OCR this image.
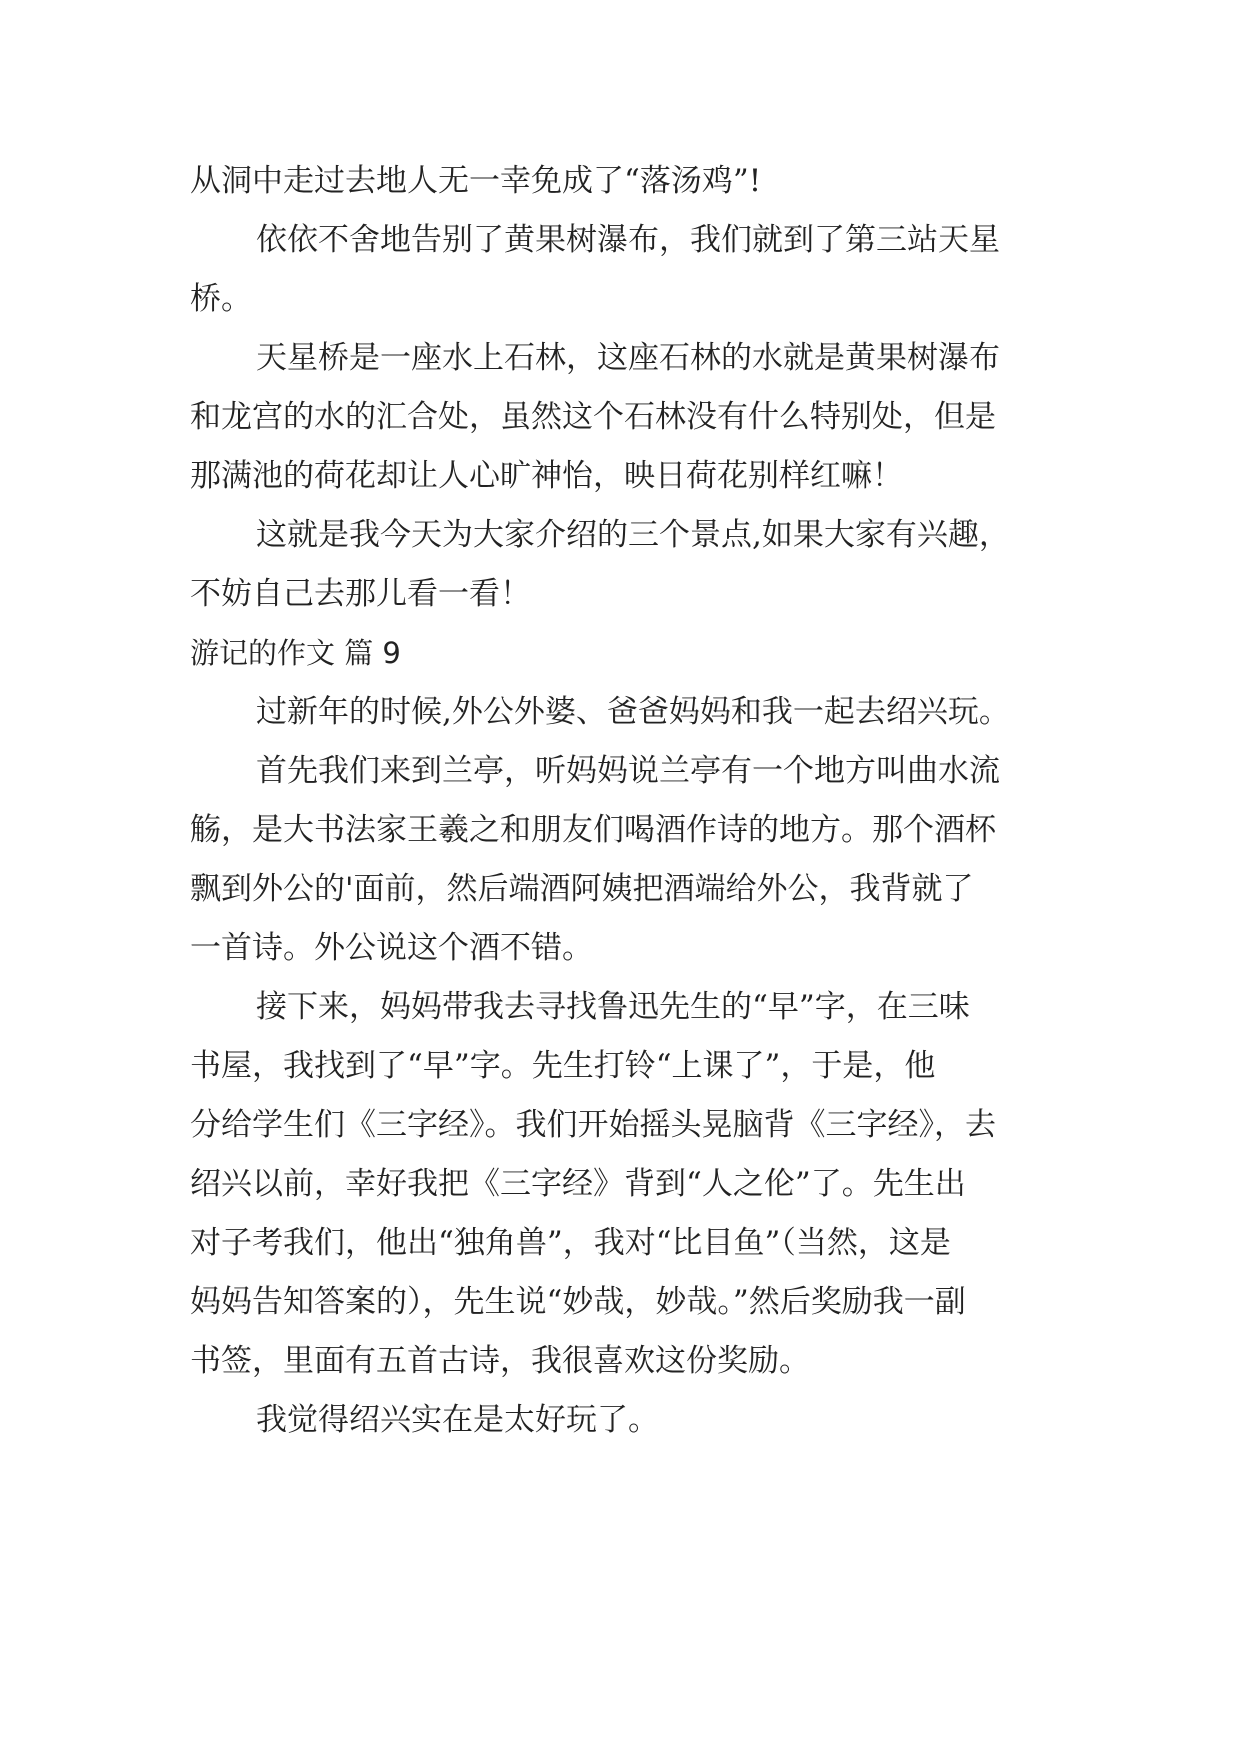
从洞中走过去地人无一幸免成了“落汤鸡”!
依依不舍地告别了黄果树瀑布，我们就到了第三站天星
桥。
天星桥是一座水上石林，这座石林的水就是黄果树瀑布
和龙宫的水的汇合处，虽然这个石林没有什么特别处，但是
那满池的荷花却让人心旷神怡，映日荷花别样红嘛！
这就是我今天为大家介绍的三个景点,如果大家有兴趣，
不妨自己去那儿看一看！
游记的作文 篇 9
过新年的时候,外公外婆、爸爸妈妈和我一起去绍兴玩。
首先我们来到兰亭，听妈妈说兰亭有一个地方叫曲水流
觞，是大书法家王羲之和朋友们喝酒作诗的地方。那个酒杯
飘到外公的'面前，然后端酒阿姨把酒端给外公，我背就了
一首诗。外公说这个酒不错。
接下来，妈妈带我去寻找鲁迅先生的“早”字，在三味
书屋，我找到了“早”字。先生打铃“上课了”，于是，他
分给学生们《三字经》。我们开始摇头晃脑背《三字经》，去
绍兴以前，幸好我把《三字经》背到“人之伦”了。先生出
对子考我们，他出“独角兽”，我对“比目鱼”（当然，这是
妈妈告知答案的），先生说“妙哉，妙哉。”然后奖励我一副
书签，里面有五首古诗，我很喜欢这份奖励。
我觉得绍兴实在是太好玩了。
